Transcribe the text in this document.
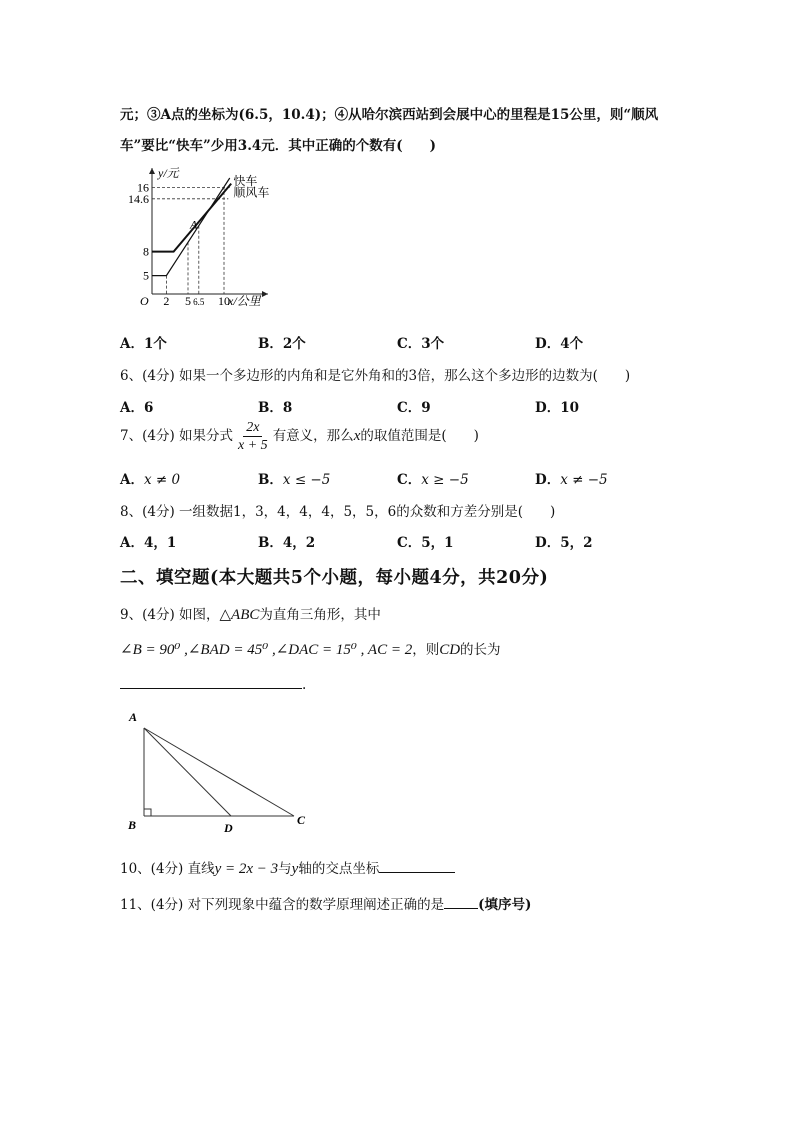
元；③A点的坐标为(6.5，10.4)；④从哈尔滨西站到会展中心的里程是15公里，则“顺风
车”要比“快车”少用3.4元．其中正确的个数有(　　)
y/元
x/公里
O
5
8
14.6
16
2 5 6.5 10
快车
顺风车
A
A．1个	B．2个	C．3个	D．4个
6、(4分) 如果一个多边形的内角和是它外角和的3倍，那么这个多边形的边数为(　　)
A．6	B．8	C．9	D．10
7、(4分) 如果分式 $\frac{2x}{x + 5}$ 有意义，那么x的取值范围是(　　)
A．x ≠ 0	B．x ≤ −5	C．x ≥ −5	D．x ≠ −5
8、(4分) 一组数据1，3，4，4，4，5，5，6的众数和方差分别是(　　)
A．4，1	B．4，2	C．5，1	D．5，2
二、填空题(本大题共5个小题，每小题4分，共20分)
9、(4分) 如图，△ABC为直角三角形，其中
∠B = 90⁰ ,∠BAD = 45⁰ ,∠DAC = 15⁰ , AC = 2，则CD的长为
.
A
B	D
C
10、(4分) 直线y = 2x − 3与y轴的交点坐标
11、(4分) 对下列现象中蕴含的数学原理阐述正确的是	(填序号)
